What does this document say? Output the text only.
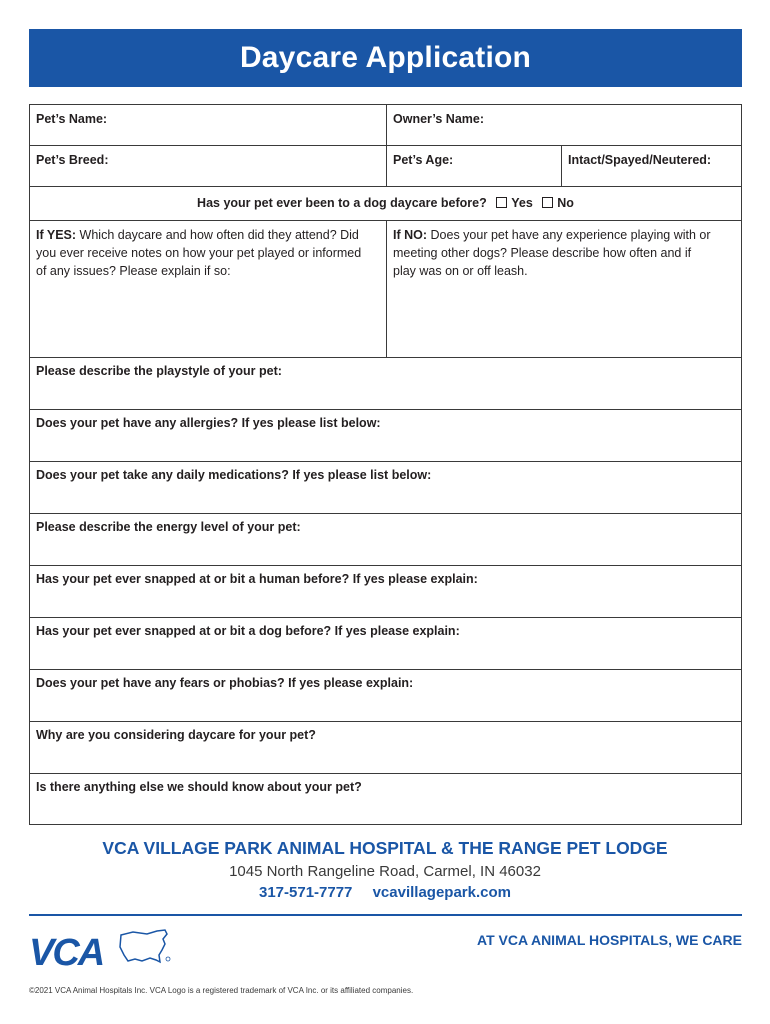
Daycare Application
Pet’s Name:	Owner’s Name:
Pet’s Breed:	Pet’s Age:	Intact/Spayed/Neutered:
Has your pet ever been to a dog daycare before? Yes No
If YES: Which daycare and how often did they attend? Did you ever receive notes on how your pet played or informed of any issues? Please explain if so:
If NO: Does your pet have any experience playing with or meeting other dogs? Please describe how often and if play was on or off leash.
Please describe the playstyle of your pet:
Does your pet have any allergies? If yes please list below:
Does your pet take any daily medications? If yes please list below:
Please describe the energy level of your pet:
Has your pet ever snapped at or bit a human before? If yes please explain:
Has your pet ever snapped at or bit a dog before? If yes please explain:
Does your pet have any fears or phobias? If yes please explain:
Why are you considering daycare for your pet?
Is there anything else we should know about your pet?
VCA VILLAGE PARK ANIMAL HOSPITAL & THE RANGE PET LODGE
1045 North Rangeline Road, Carmel, IN 46032
317-571-7777 vcavillagepark.com
VCA	AT VCA ANIMAL HOSPITALS, WE CARE
©2021 VCA Animal Hospitals Inc. VCA Logo is a registered trademark of VCA Inc. or its affiliated companies.
